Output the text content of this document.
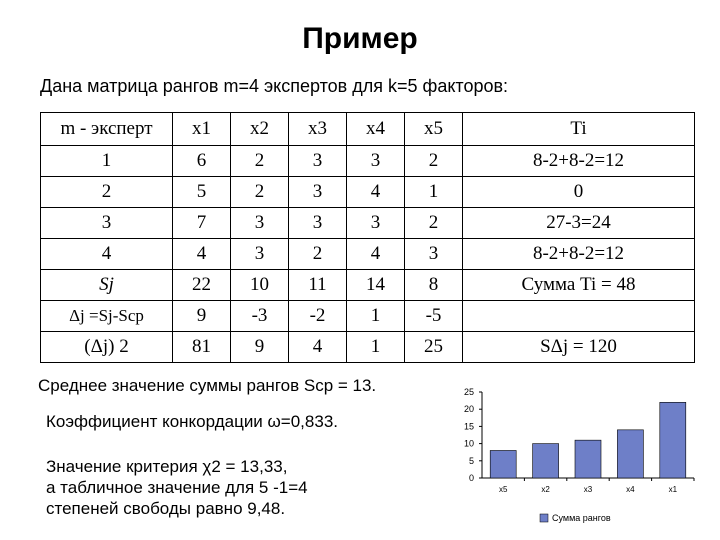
Пример
Дана матрица рангов m=4 экспертов для k=5 факторов:
m - эксперт	x1	x2	x3	x4	x5	Ti
1	6	2	3	3	2	8-2+8-2=12
2	5	2	3	4	1	0
3	7	3	3	3	2	27-3=24
4	4	3	2	4	3	8-2+8-2=12
Sj	22	10	11	14	8	Сумма Ti = 48
Δj =Sj-Sср	9	-3	-2	1	-5	
(Δj) 2	81	9	4	1	25	SΔj = 120
Среднее значение суммы рангов Sср = 13.
Коэффициент конкордации ω=0,833.
Значение критерия χ2 = 13,33,
а табличное значение для 5 -1=4
степеней свободы равно 9,48.
0
5
10
15
20
25
x5	x2	x3	x4	x1
Сумма рангов
